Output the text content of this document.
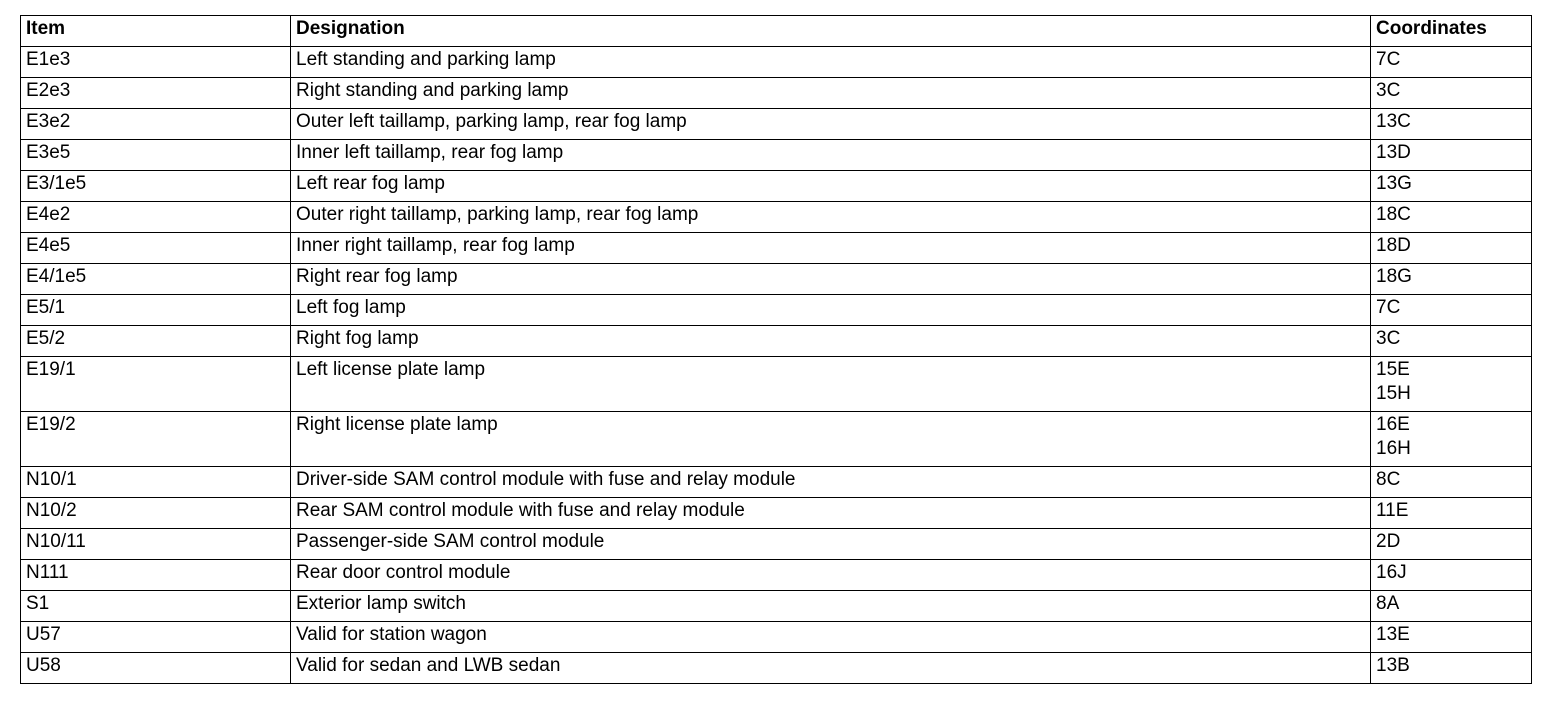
Item	Designation	Coordinates
E1e3	Left standing and parking lamp	7C

E2e3	Right standing and parking lamp	3C

E3e2	Outer left taillamp, parking lamp, rear fog lamp	13C

E3e5	Inner left taillamp, rear fog lamp	13D

E3/1e5	Left rear fog lamp	13G

E4e2	Outer right taillamp, parking lamp, rear fog lamp	18C

E4e5	Inner right taillamp, rear fog lamp	18D

E4/1e5	Right rear fog lamp	18G

E5/1	Left fog lamp	7C

E5/2	Right fog lamp	3C

E19/1	Left license plate lamp	15E
15H

E19/2	Right license plate lamp	16E
16H

N10/1	Driver-side SAM control module with fuse and relay module	8C

N10/2	Rear SAM control module with fuse and relay module	11E

N10/11	Passenger-side SAM control module	2D

N111	Rear door control module	16J

S1	Exterior lamp switch	8A

U57	Valid for station wagon	13E

U58	Valid for sedan and LWB sedan	13B
